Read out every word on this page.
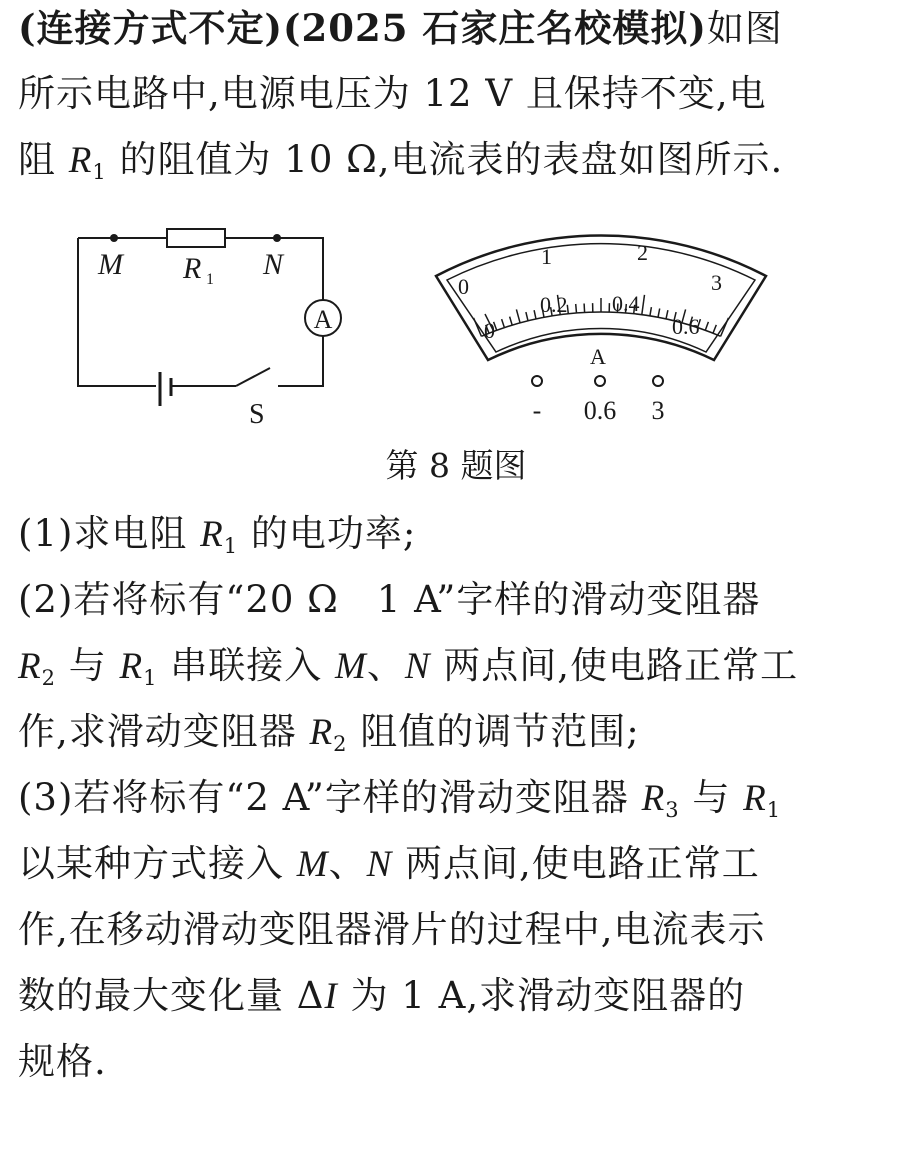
(连接方式不定)(2025 石家庄名校模拟)如图
所示电路中,电源电压为 12 V 且保持不变,电
阻 $R_1$ 的阻值为 10 Ω,电流表的表盘如图所示.
M	N
R 1
A
S
0
1	2
3
0
0.2 0.4
0.6
A
- 0.6 3
第 8 题图
(1)求电阻 $R_1$ 的电功率;
(2)若将标有“20 Ω　1 A”字样的滑动变阻器
$R_2$ 与 $R_1$ 串联接入 M、N 两点间,使电路正常工
作,求滑动变阻器 $R_2$ 阻值的调节范围;
(3)若将标有“2 A”字样的滑动变阻器 $R_3$ 与 $R_1$
以某种方式接入 M、N 两点间,使电路正常工
作,在移动滑动变阻器滑片的过程中,电流表示
数的最大变化量 ΔI 为 1 A,求滑动变阻器的
规格.
